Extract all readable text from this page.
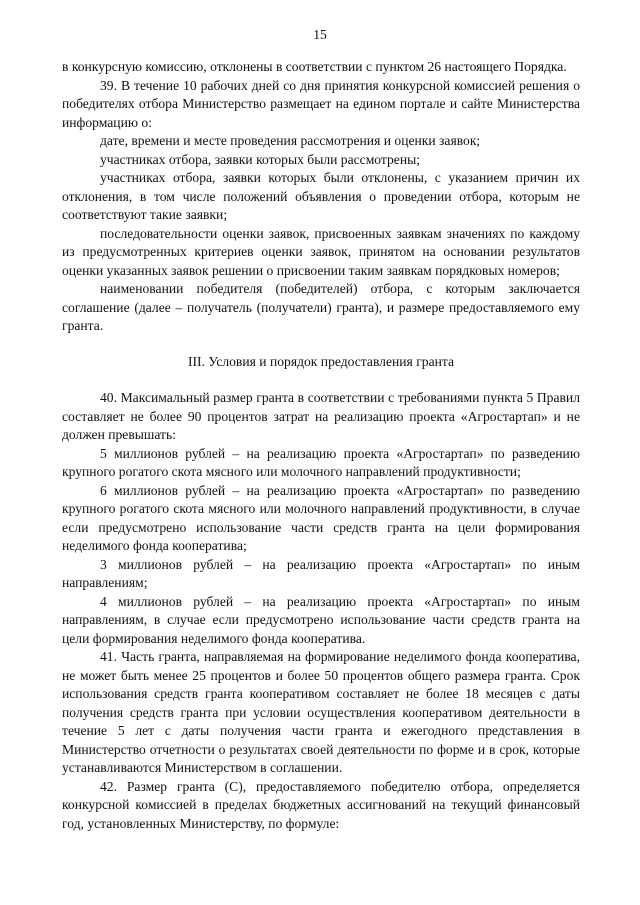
15

в конкурсную комиссию, отклонены в соответствии с пунктом 26 настоящего Порядка.

39. В течение 10 рабочих дней со дня принятия конкурсной комиссией решения о победителях отбора Министерство размещает на едином портале и сайте Министерства информацию о:

дате, времени и месте проведения рассмотрения и оценки заявок;

участниках отбора, заявки которых были рассмотрены;

участниках отбора, заявки которых были отклонены, с указанием причин их отклонения, в том числе положений объявления о проведении отбора, которым не соответствуют такие заявки;

последовательности оценки заявок, присвоенных заявкам значениях по каждому из предусмотренных критериев оценки заявок, принятом на основании результатов оценки указанных заявок решении о присвоении таким заявкам порядковых номеров;

наименовании победителя (победителей) отбора, с которым заключается соглашение (далее – получатель (получатели) гранта), и размере предоставляемого ему гранта.

III. Условия и порядок предоставления гранта

40. Максимальный размер гранта в соответствии с требованиями пункта 5 Правил составляет не более 90 процентов затрат на реализацию проекта «Агростартап» и не должен превышать:

5 миллионов рублей – на реализацию проекта «Агростартап» по разведению крупного рогатого скота мясного или молочного направлений продуктивности;

6 миллионов рублей – на реализацию проекта «Агростартап» по разведению крупного рогатого скота мясного или молочного направлений продуктивности, в случае если предусмотрено использование части средств гранта на цели формирования неделимого фонда кооператива;

3 миллионов рублей – на реализацию проекта «Агростартап» по иным направлениям;

4 миллионов рублей – на реализацию проекта «Агростартап» по иным направлениям, в случае если предусмотрено использование части средств гранта на цели формирования неделимого фонда кооператива.

41. Часть гранта, направляемая на формирование неделимого фонда кооператива, не может быть менее 25 процентов и более 50 процентов общего размера гранта. Срок использования средств гранта кооперативом составляет не более 18 месяцев с даты получения средств гранта при условии осуществления кооперативом деятельности в течение 5 лет с даты получения части гранта и ежегодного представления в Министерство отчетности о результатах своей деятельности по форме и в срок, которые устанавливаются Министерством в соглашении.

42. Размер гранта (С), предоставляемого победителю отбора, определяется конкурсной комиссией в пределах бюджетных ассигнований на текущий финансовый год, установленных Министерству, по формуле:
